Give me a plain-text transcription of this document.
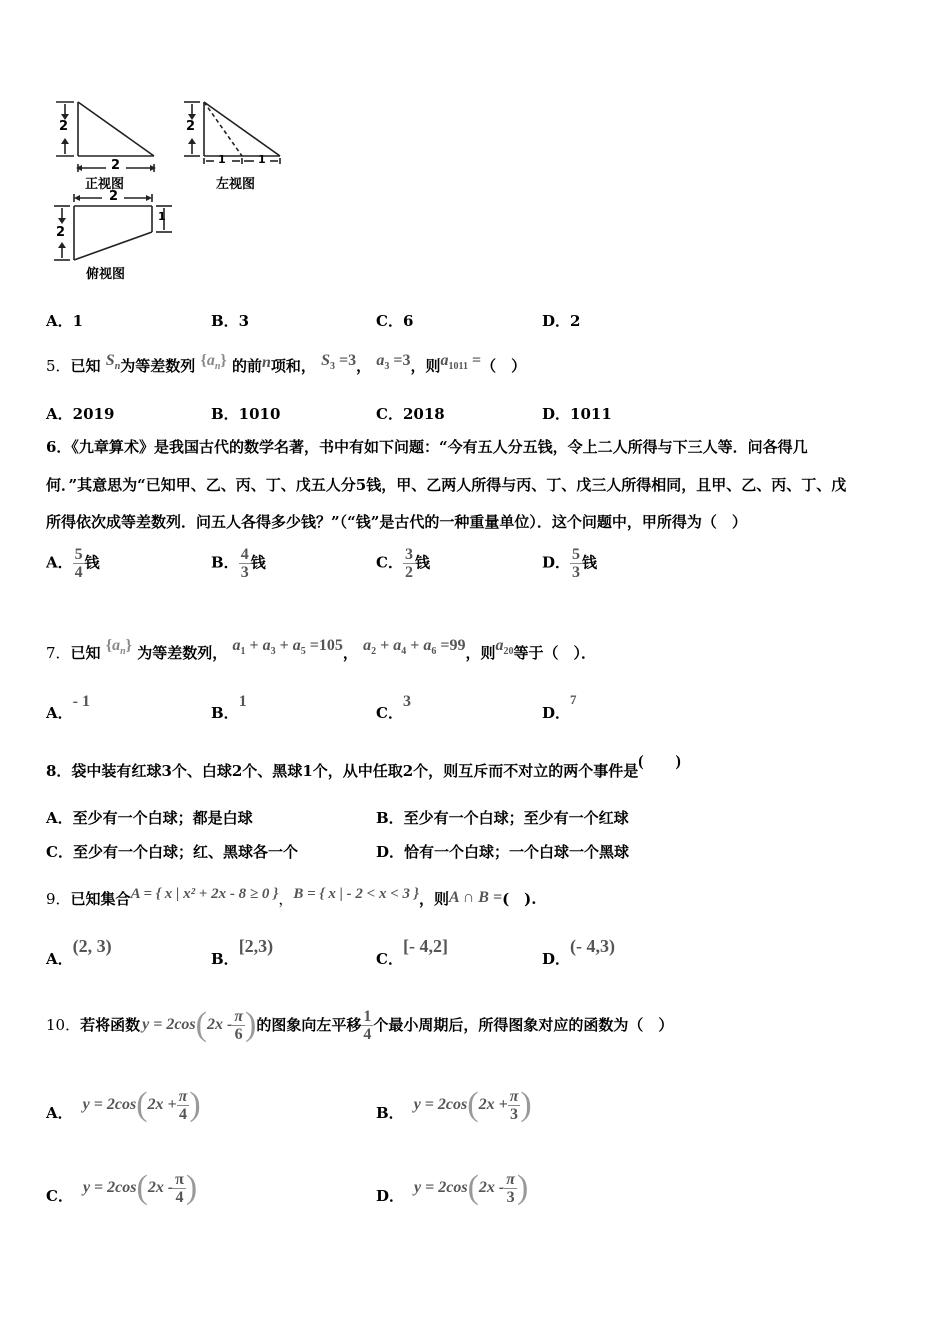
2
2
正视图
2
1	1
左视图
2
2
1
俯视图
A．1	B．3	C．6	D．2
5．已知 $S_n$为等差数列 $\{a_n\}$ 的前n项和， $S_3 =3$， $a_3 =3$，则$a_{1011}$ =（　）
A．2019	B．1010	C．2018	D．1011
6．《九章算术》是我国古代的数学名著，书中有如下问题：“今有五人分五钱，令上二人所得与下三人等．问各得几
何．”其意思为“已知甲、乙、丙、丁、戊五人分5钱，甲、乙两人所得与丙、丁、戊三人所得相同，且甲、乙、丙、丁、戊
所得依次成等差数列．问五人各得多少钱？”（“钱”是古代的一种重量单位）．这个问题中，甲所得为（　）
A． $\frac{5}{4}$ 钱	B． $\frac{4}{3}$ 钱	C． $\frac{3}{2}$ 钱	D． $\frac{5}{3}$ 钱
7．已知 $\{a_n\}$ 为等差数列， $a_1 + a_3 + a_5 =105$， $a_2 + a_4 + a_6 =99$，则$a_{20}$等于（　）．
A．- 1
B．1
C．3
D．7
8．袋中装有红球3个、白球2个、黑球1个，从中任取2个，则互斥而不对立的两个事件是(　　)
A．至少有一个白球；都是白球	B．至少有一个白球；至少有一个红球
C．至少有一个白球；红、黑球各一个	D．恰有一个白球；一个白球一个黑球
9．已知集合A = { x | x² + 2x - 8 ≥ 0 }，B = { x | - 2 < x < 3 }，则A ∩ B =(　).
A．(2, 3)
B．[2,3)
C．[- 4,2]
D．(- 4,3)
10． 若将函数 y = 2cos ( $2x - \frac{\pi}{6}$ ) 的图象向左平移 $\frac{1}{4}$ 个最小周期后，所得图象对应的函数为（　）
A． y = 2cos ( $2x + \frac{\pi}{4}$ )	B． y = 2cos ( $2x + \frac{\pi}{3}$ )
C． y = 2cos ( $2x - \frac{\pi}{4}$ )	D． y = 2cos ( $2x - \frac{\pi}{3}$ )
